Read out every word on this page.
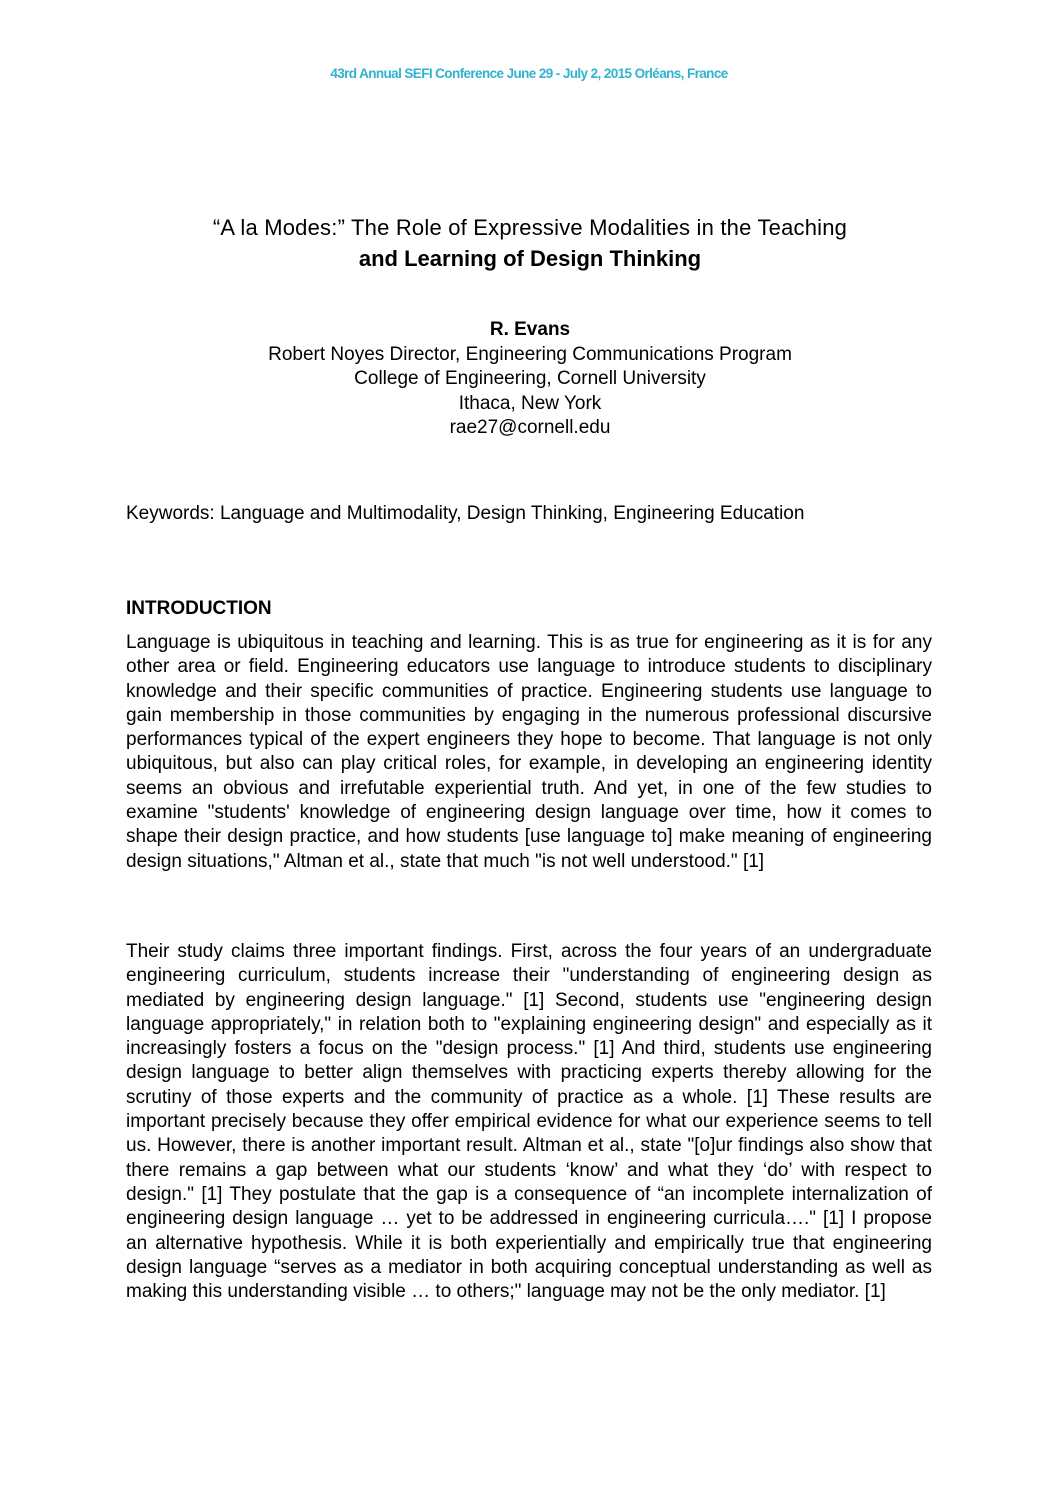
43rd Annual SEFI Conference June 29 - July 2, 2015 Orléans, France
“A la Modes:” The Role of Expressive Modalities in the Teaching
and Learning of Design Thinking
R. Evans
Robert Noyes Director, Engineering Communications Program
College of Engineering, Cornell University
Ithaca, New York
rae27@cornell.edu
Keywords: Language and Multimodality, Design Thinking, Engineering Education
INTRODUCTION

Language is ubiquitous in teaching and learning. This is as true for engineering as it is for any other area or field. Engineering educators use language to introduce students to disciplinary knowledge and their specific communities of practice. Engineering students use language to gain membership in those communities by engaging in the numerous professional discursive performances typical of the expert engineers they hope to become. That language is not only ubiquitous, but also can play critical roles, for example, in developing an engineering identity seems an obvious and irrefutable experiential truth. And yet, in one of the few studies to examine "students' knowledge of engineering design language over time, how it comes to shape their design practice, and how students [use language to] make meaning of engineering design situations," Altman et al., state that much "is not well understood." [1]

Their study claims three important findings. First, across the four years of an undergraduate engineering curriculum, students increase their "understanding of engineering design as mediated by engineering design language." [1] Second, students use "engineering design language appropriately," in relation both to "explaining engineering design" and especially as it increasingly fosters a focus on the "design process." [1] And third, students use engineering design language to better align themselves with practicing experts thereby allowing for the scrutiny of those experts and the community of practice as a whole. [1] These results are important precisely because they offer empirical evidence for what our experience seems to tell us. However, there is another important result. Altman et al., state "[o]ur findings also show that there remains a gap between what our students ‘know’ and what they ‘do’ with respect to design." [1] They postulate that the gap is a consequence of “an incomplete internalization of engineering design language … yet to be addressed in engineering curricula…." [1] I propose an alternative hypothesis. While it is both experientially and empirically true that engineering design language “serves as a mediator in both acquiring conceptual understanding as well as making this understanding visible … to others;" language may not be the only mediator. [1]
